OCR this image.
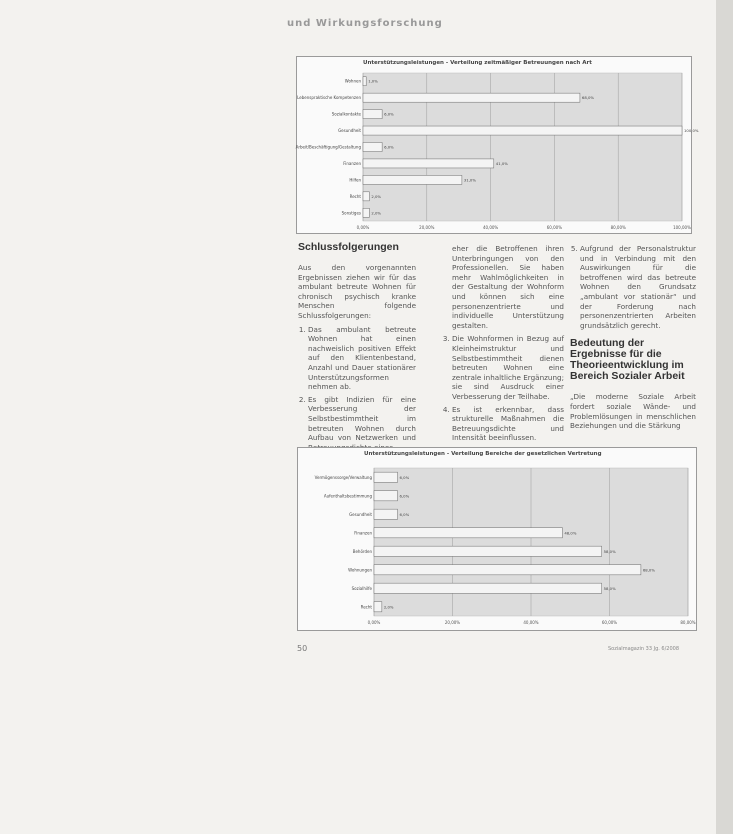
und Wirkungsforschung
Unterstützungsleistungen - Verteilung zeitmäßiger Betreuungen nach Art
0,00%	20,00%	40,00%	60,00%	80,00%	100,00%
Wohnen 1,0%
Lebenspraktische Kompetenzen	68,0%
Sozialkontakte	6,0%
Gesundheit	100,0%
Arbeit/Beschäftigung/Gestaltung	6,0%
Finanzen	41,0%
Hilfen	31,0%
Recht	2,0%
Sonstiges	2,0%
Schlussfolgerungen

Aus den vorgenannten Ergebnissen ziehen wir für das ambulant betreute Wohnen für chronisch psychisch kranke Menschen folgende Schlussfolgerungen:

1. Das ambulant betreute Wohnen hat einen nachweislich positiven Effekt auf den Klientenbestand, Anzahl und Dauer stationärer Unterstützungsformen nehmen ab.
2. Es gibt Indizien für eine Verbesserung der Selbstbestimmtheit im betreuten Wohnen durch Aufbau von Netzwerken und

eher die Betroffenen ihren Unterbringungen von den Professionellen. Sie haben mehr Wahlmöglichkeiten in der Gestaltung der Wohnform und können sich eine personenzentrierte und individuelle Unterstützung gestalten.

3. Die Wohnformen in Bezug auf Kleinheimstruktur und Selbstbestimmtheit dienen betreuten Wohnen eine zentrale inhaltliche Ergänzung; sie sind Ausdruck einer Verbesserung der Teilhabe.
4. Es ist erkennbar, dass strukturelle Maßnahmen die Betreuungsdichte und Intensität beeinflussen.
5. Aufgrund der Personalstruktur und in Verbindung mit den Auswirkungen für die betroffenen wird das betreute Wohnen den Grundsatz „ambulant vor stationär“ und der Forderung nach personenzentrierten Arbeiten grundsätzlich gerecht.
Bedeutung der Ergebnisse für die Theorieentwicklung im Bereich Sozialer Arbeit

„Die moderne Soziale Arbeit fordert soziale Wände- und Problemlösungen in menschlichen Beziehungen und die Stärkung

Unterstützungsleistungen - Verteilung Bereiche der gesetzlichen Vertretung
0,00%	20,00%	40,00%	60,00%	80,00%
Vermögenssorge/Verwaltung	6,0%
Aufenthaltsbestimmung	6,0%
Gesundheit	6,0%
Finanzen	48,0%
Behörden	58,0%
Wohnungen	68,0%
Sozialhilfe	58,0%
Recht	2,0%
50	Sozialmagazin 33 Jg. 6/2008
